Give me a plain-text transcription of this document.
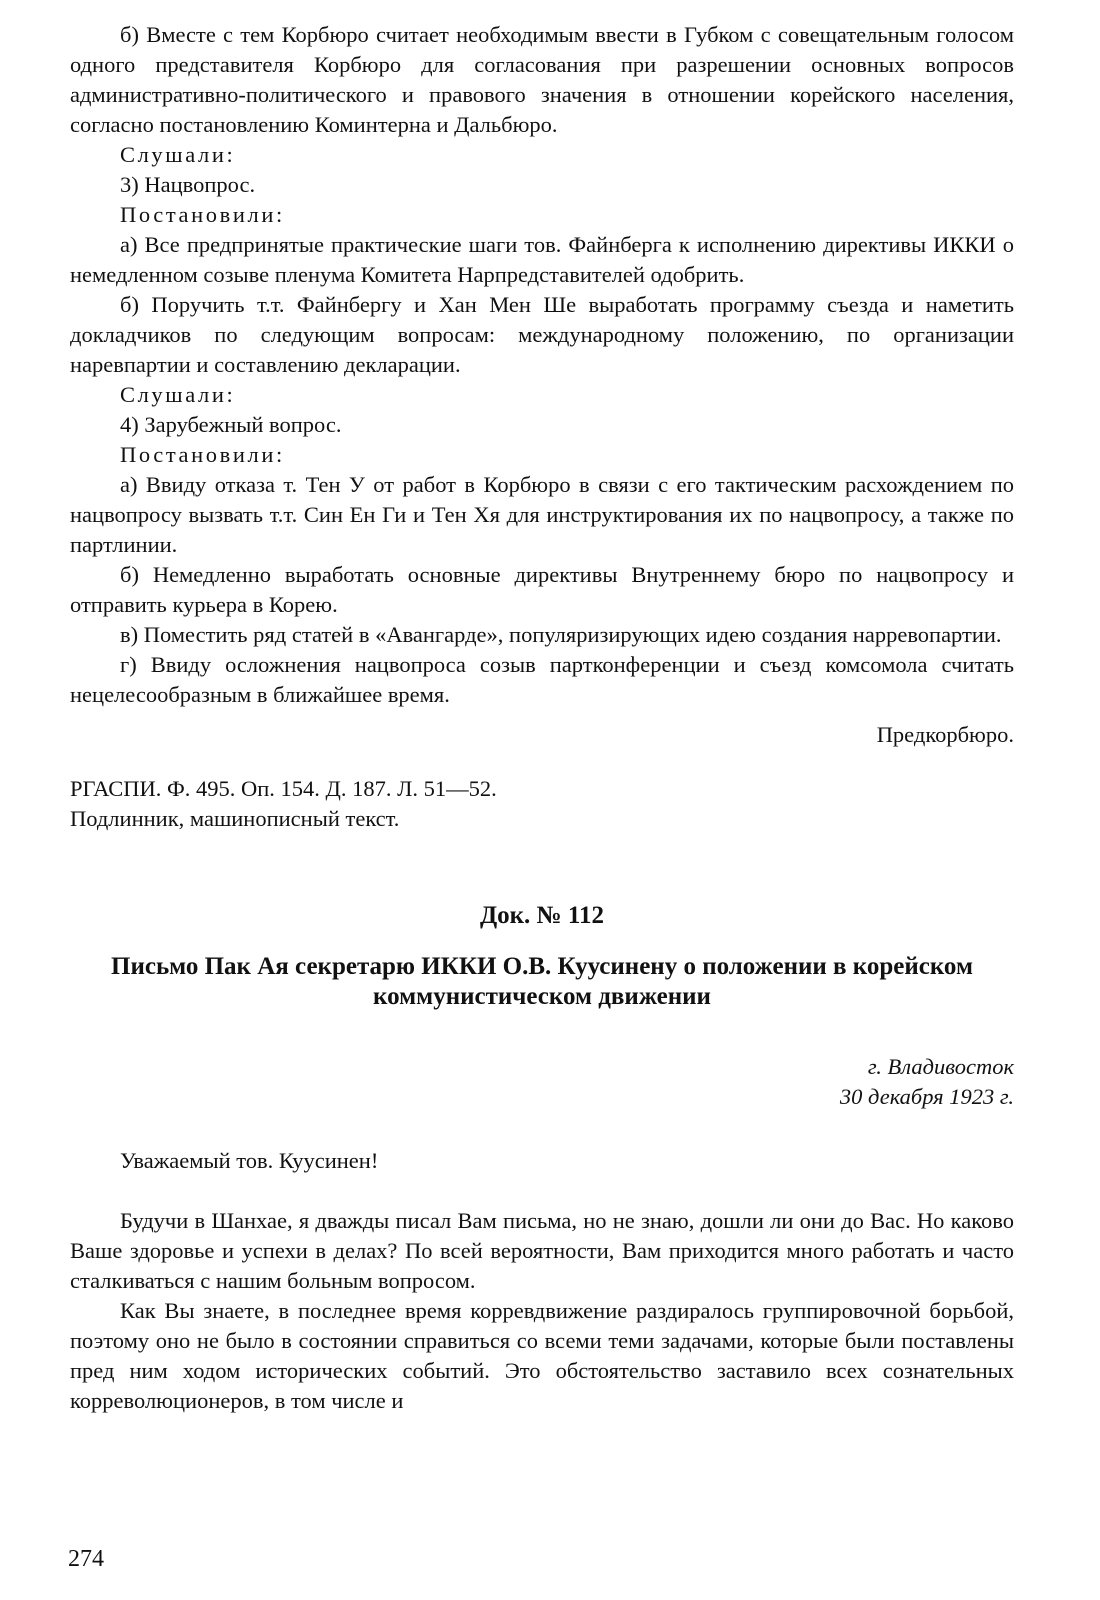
б) Вместе с тем Корбюро считает необходимым ввести в Губком с совещательным голосом одного представителя Корбюро для согласования при разрешении основных вопросов административно-политического и правового значения в отношении корейского населения, согласно постановлению Коминтерна и Дальбюро.

Слушали:

3) Нацвопрос.

Постановили:

а) Все предпринятые практические шаги тов. Файнберга к исполнению директивы ИККИ о немедленном созыве пленума Комитета Нарпредставителей одобрить.

б) Поручить т.т. Файнбергу и Хан Мен Ше выработать программу съезда и наметить докладчиков по следующим вопросам: международному положению, по организации наревпартии и составлению декларации.

Слушали:

4) Зарубежный вопрос.

Постановили:

а) Ввиду отказа т. Тен У от работ в Корбюро в связи с его тактическим расхождением по нацвопросу вызвать т.т. Син Ен Ги и Тен Хя для инструктирования их по нацвопросу, а также по партлинии.

б) Немедленно выработать основные директивы Внутреннему бюро по нацвопросу и отправить курьера в Корею.

в) Поместить ряд статей в «Авангарде», популяризирующих идею создания нарревопартии.

г) Ввиду осложнения нацвопроса созыв партконференции и съезд комсомола считать нецелесообразным в ближайшее время.

Предкорбюро.

РГАСПИ. Ф. 495. Оп. 154. Д. 187. Л. 51—52.
Подлинник, машинописный текст.
Док. № 112
Письмо Пак Ая секретарю ИККИ О.В. Куусинену о положении в корейском коммунистическом движении
г. Владивосток
30 декабря 1923 г.

Уважаемый тов. Куусинен!

Будучи в Шанхае, я дважды писал Вам письма, но не знаю, дошли ли они до Вас. Но каково Ваше здоровье и успехи в делах? По всей вероятности, Вам приходится много работать и часто сталкиваться с нашим больным вопросом.

Как Вы знаете, в последнее время корревдвижение раздиралось группировочной борьбой, поэтому оно не было в состоянии справиться со всеми теми задачами, которые были поставлены пред ним ходом исторических событий. Это обстоятельство заставило всех сознательных корреволюционеров, в том числе и

274
